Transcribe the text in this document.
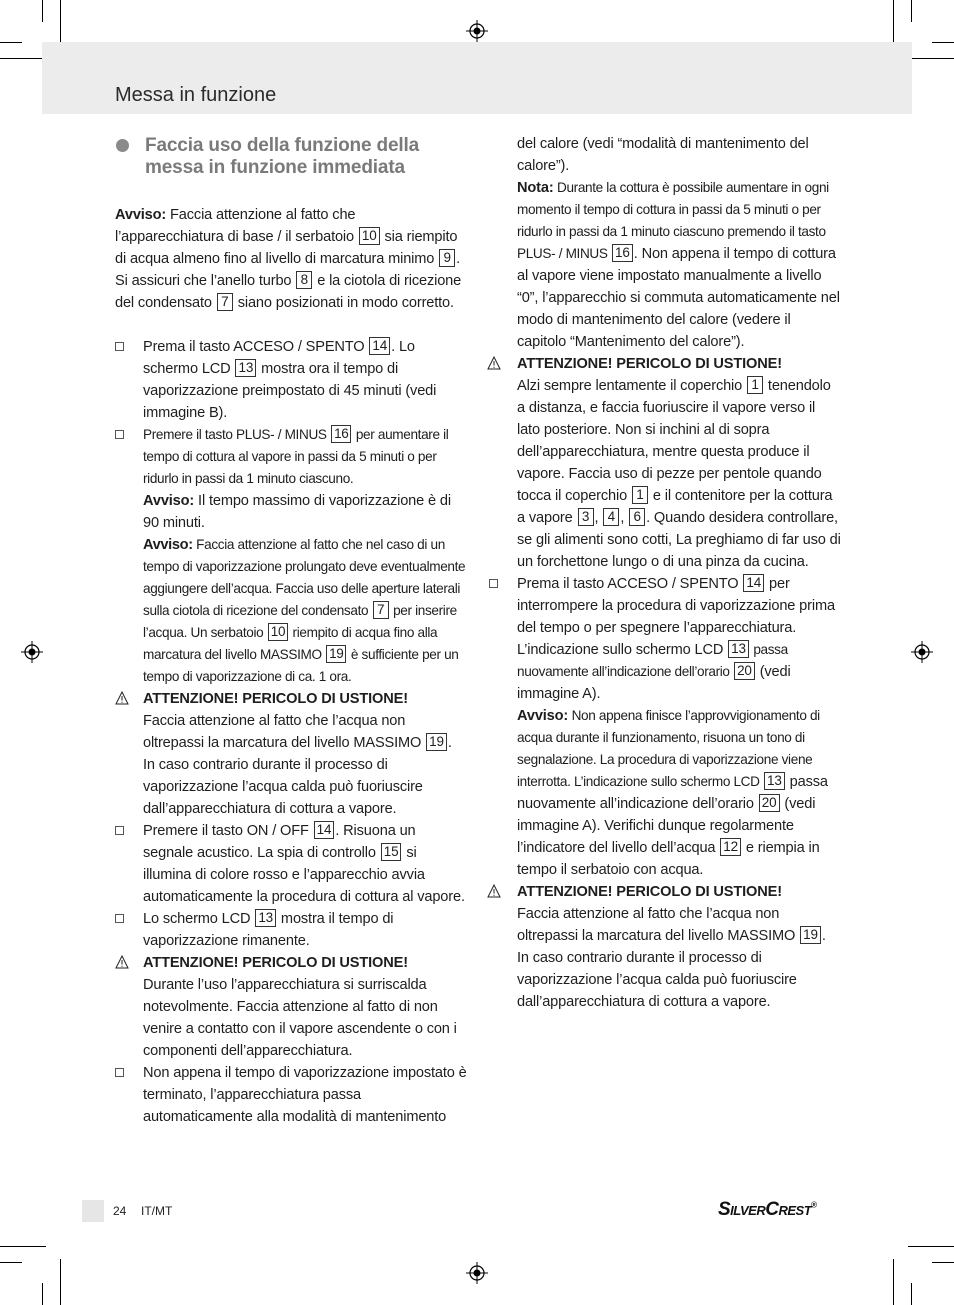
Messa in funzione
Faccia uso della funzione della messa in funzione immediata

Avviso: Faccia attenzione al fatto che l’apparecchiatura di base / il serbatoio 10 sia riempito di acqua almeno fino al livello di marcatura minimo 9 . Si assicuri che l’anello turbo 8 e la ciotola di ricezione del condensato 7 siano posizionati in modo corretto.

Prema il tasto ACCESO / SPENTO 14 . Lo schermo LCD 13 mostra ora il tempo di vaporizzazione preimpostato di 45 minuti (vedi immagine B).
Premere il tasto PLUS- / MINUS 16 per aumentare il tempo di cottura al vapore in passi da 5 minuti o per ridurlo in passi da 1 minuto ciascuno.
Avviso: Il tempo massimo di vaporizzazione è di 90 minuti.
Avviso: Faccia attenzione al fatto che nel caso di un tempo di vaporizzazione prolungato deve eventualmente aggiungere dell’acqua. Faccia uso delle aperture laterali sulla ciotola di ricezione del condensato 7 per inserire l’acqua. Un serbatoio 10 riempito di acqua fino alla marcatura del livello MASSIMO 19 è sufficiente per un tempo di vaporizzazione di ca. 1 ora.
ATTENZIONE! PERICOLO DI USTIONE!
Faccia attenzione al fatto che l’acqua non oltrepassi la marcatura del livello MASSIMO 19 . In caso contrario durante il processo di vaporizzazione l’acqua calda può fuoriuscire dall’apparecchiatura di cottura a vapore.
Premere il tasto ON / OFF 14 . Risuona un segnale acustico. La spia di controllo 15 si illumina di colore rosso e l’apparecchio avvia automaticamente la procedura di cottura al vapore.
Lo schermo LCD 13 mostra il tempo di vaporizzazione rimanente.
ATTENZIONE! PERICOLO DI USTIONE!
Durante l’uso l’apparecchiatura si surriscalda notevolmente. Faccia attenzione al fatto di non venire a contatto con il vapore ascendente o con i componenti dell’apparecchiatura.
Non appena il tempo di vaporizzazione impostato è terminato, l’apparecchiatura passa automaticamente alla modalità di mantenimento

del calore (vedi “modalità di mantenimento del calore”).

Nota: Durante la cottura è possibile aumentare in ogni momento il tempo di cottura in passi da 5 minuti o per ridurlo in passi da 1 minuto ciascuno premendo il tasto PLUS- / MINUS 16 . Non appena il tempo di cottura al vapore viene impostato manualmente a livello “0”, l’apparecchio si commuta automaticamente nel modo di mantenimento del calore (vedere il capitolo “Mantenimento del calore”).

ATTENZIONE! PERICOLO DI USTIONE!
Alzi sempre lentamente il coperchio 1 tenendolo a distanza, e faccia fuoriuscire il vapore verso il lato posteriore. Non si inchini al di sopra dell’apparecchiatura, mentre questa produce il vapore. Faccia uso di pezze per pentole quando tocca il coperchio 1 e il contenitore per la cottura a vapore 3 , 4 , 6 . Quando desidera controllare, se gli alimenti sono cotti, La preghiamo di far uso di un forchettone lungo o di una pinza da cucina.
Prema il tasto ACCESO / SPENTO 14 per interrompere la procedura di vaporizzazione prima del tempo o per spegnere l’apparecchiatura. L’indicazione sullo schermo LCD 13 passa nuovamente all’indicazione dell’orario 20 (vedi immagine A).
Avviso: Non appena finisce l’approvvigionamento di acqua durante il funzionamento, risuona un tono di segnalazione. La procedura di vaporizzazione viene interrotta. L’indicazione sullo schermo LCD 13 passa nuovamente all’indicazione dell’orario 20 (vedi immagine A). Verifichi dunque regolarmente l’indicatore del livello dell’acqua 12 e riempia in tempo il serbatoio con acqua.
ATTENZIONE! PERICOLO DI USTIONE!
Faccia attenzione al fatto che l’acqua non oltrepassi la marcatura del livello MASSIMO 19 . In caso contrario durante il processo di vaporizzazione l’acqua calda può fuoriuscire dall’apparecchiatura di cottura a vapore.
24 IT/MT	SilverCrest®
